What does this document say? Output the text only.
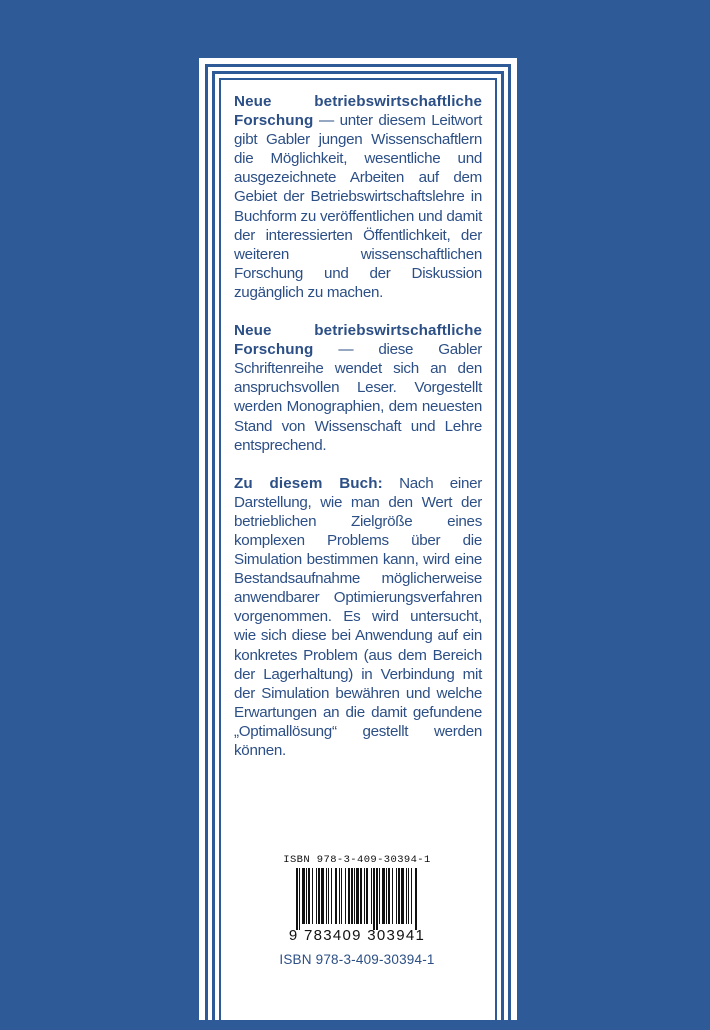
Neue betriebswirtschaftliche Forschung — unter diesem Leitwort gibt Gabler jungen Wissenschaftlern die Möglichkeit, wesentliche und ausgezeichnete Arbeiten auf dem Gebiet der Betriebswirtschaftslehre in Buchform zu veröffentlichen und damit der interessierten Öffentlichkeit, der weiteren wissenschaftlichen Forschung und der Diskussion zugänglich zu machen.

Neue betriebswirtschaftliche Forschung — diese Gabler Schriftenreihe wendet sich an den anspruchsvollen Leser. Vorgestellt werden Monographien, dem neuesten Stand von Wissenschaft und Lehre entsprechend.

Zu diesem Buch: Nach einer Darstellung, wie man den Wert der betrieblichen Zielgröße eines komplexen Problems über die Simulation bestimmen kann, wird eine Bestandsaufnahme möglicherweise anwendbarer Optimierungsverfahren vorgenommen. Es wird untersucht, wie sich diese bei Anwendung auf ein konkretes Problem (aus dem Bereich der Lagerhaltung) in Verbindung mit der Simulation bewähren und welche Erwartungen an die damit gefundene „Optimallösung“ gestellt werden können.

ISBN 978-3-409-30394-1
9 783409 303941
ISBN 978-3-409-30394-1
